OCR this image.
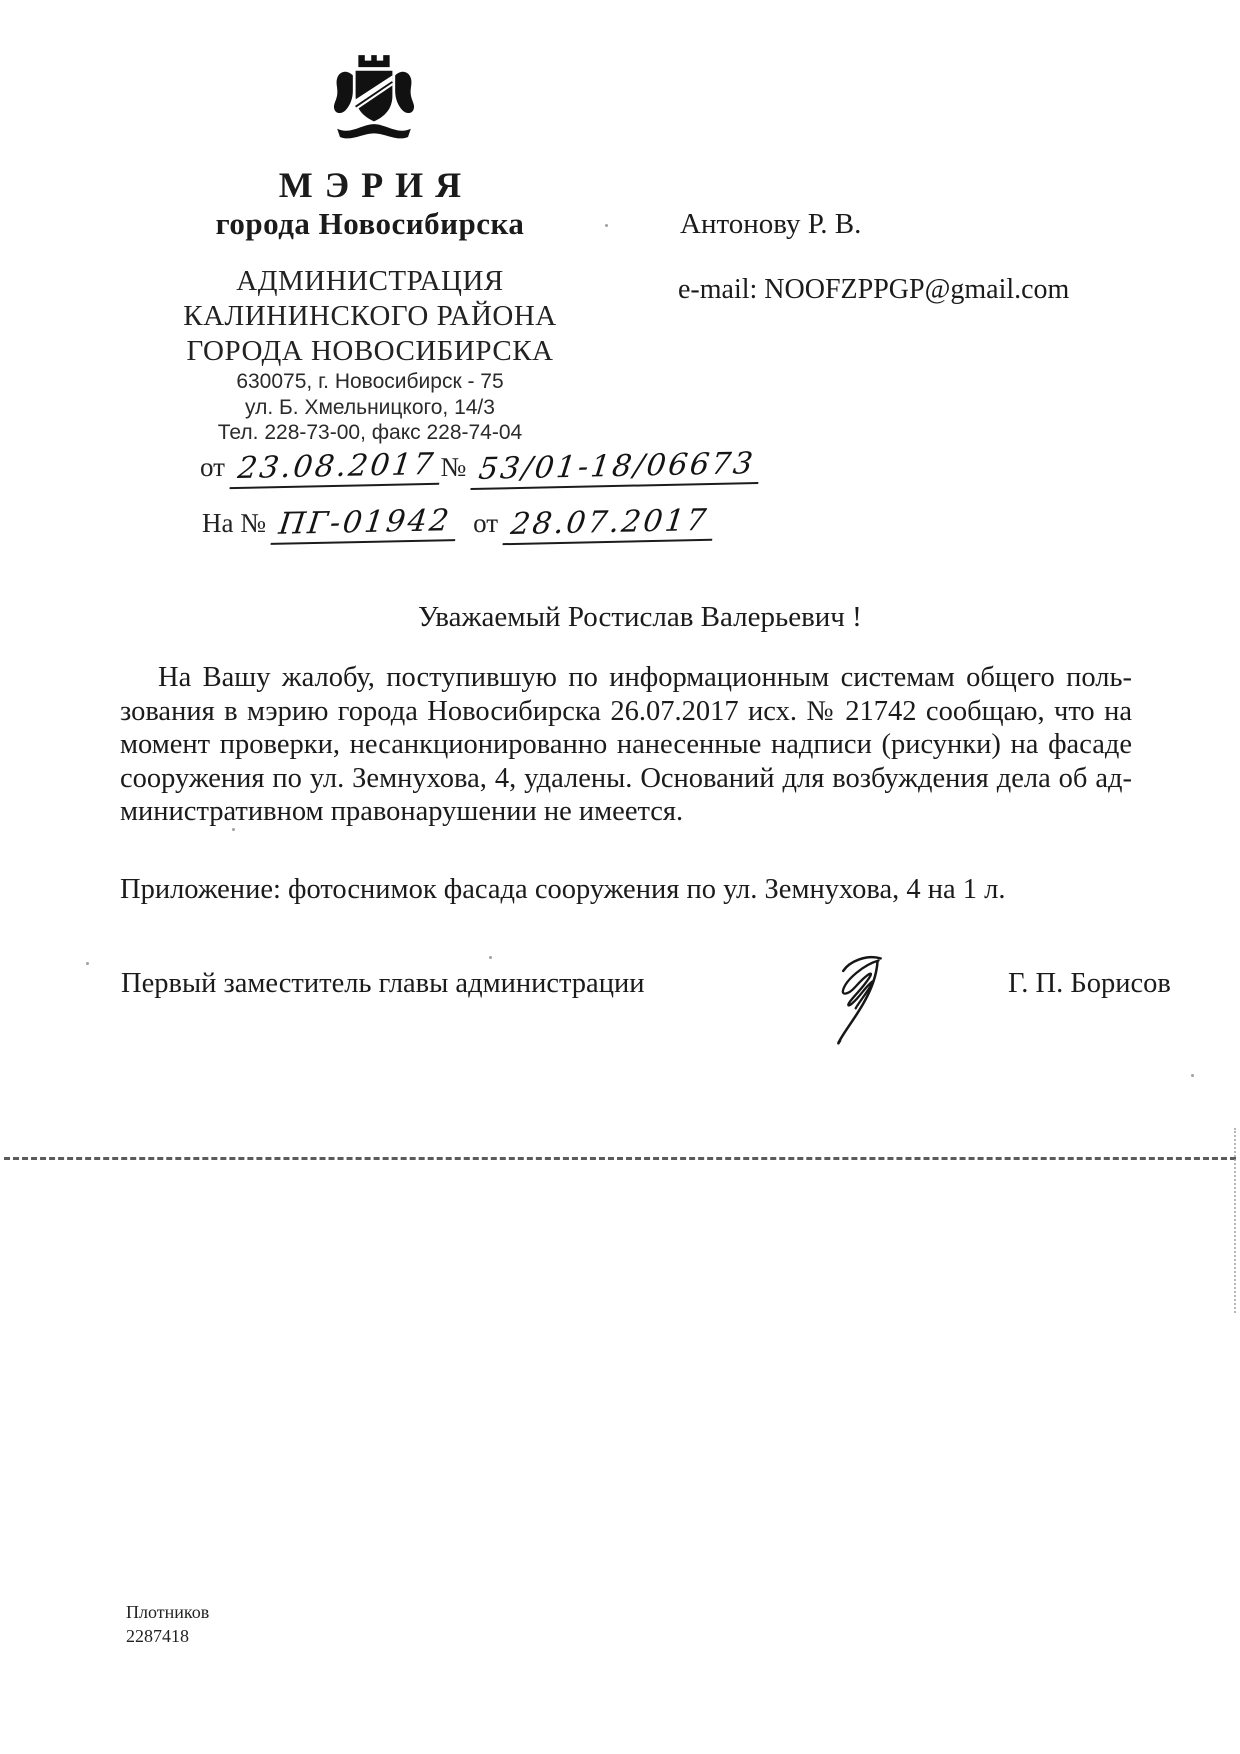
МЭРИЯ
города Новосибирска
АДМИНИСТРАЦИЯ
КАЛИНИНСКОГО РАЙОНА
ГОРОДА НОВОСИБИРСКА
630075, г. Новосибирск - 75
ул. Б. Хмельницкого, 14/3
Тел. 228-73-00, факс 228-74-04
от 23.08.2017 № 53/01-18/06673
На № ПГ-01942 от 28.07.2017
Антонову Р. В.
e-mail: NOOFZPPGP@gmail.com
Уважаемый Ростислав Валерьевич !
На Вашу жалобу, поступившую по информационным системам общего поль-
зования в мэрию города Новосибирска 26.07.2017 исх. № 21742 сообщаю, что на
момент проверки, несанкционированно нанесенные надписи (рисунки) на фасаде
сооружения по ул. Земнухова, 4, удалены. Оснований для возбуждения дела об ад-
министративном правонарушении не имеется.
Приложение: фотоснимок фасада сооружения по ул. Земнухова, 4 на 1 л.
Первый заместитель главы администрации	Г. П. Борисов
Плотников
2287418
